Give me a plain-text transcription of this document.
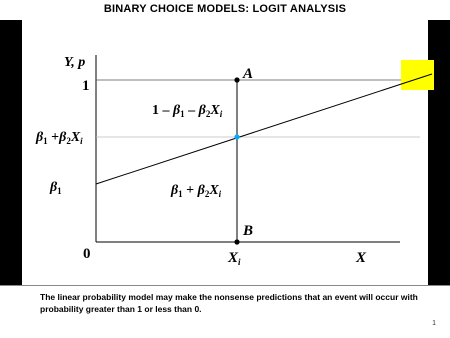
BINARY CHOICE MODELS: LOGIT ANALYSIS
Y, p
X
1
0
$\beta_1 +\beta_2X_i$
$\beta_1$
A
B
$X_i$
$1 - \beta_1 - \beta_2X_i$
$\beta_1 + \beta_2X_i$
The linear probability model may make the nonsense predictions that an event will occur with probability greater than 1 or less than 0.
1
